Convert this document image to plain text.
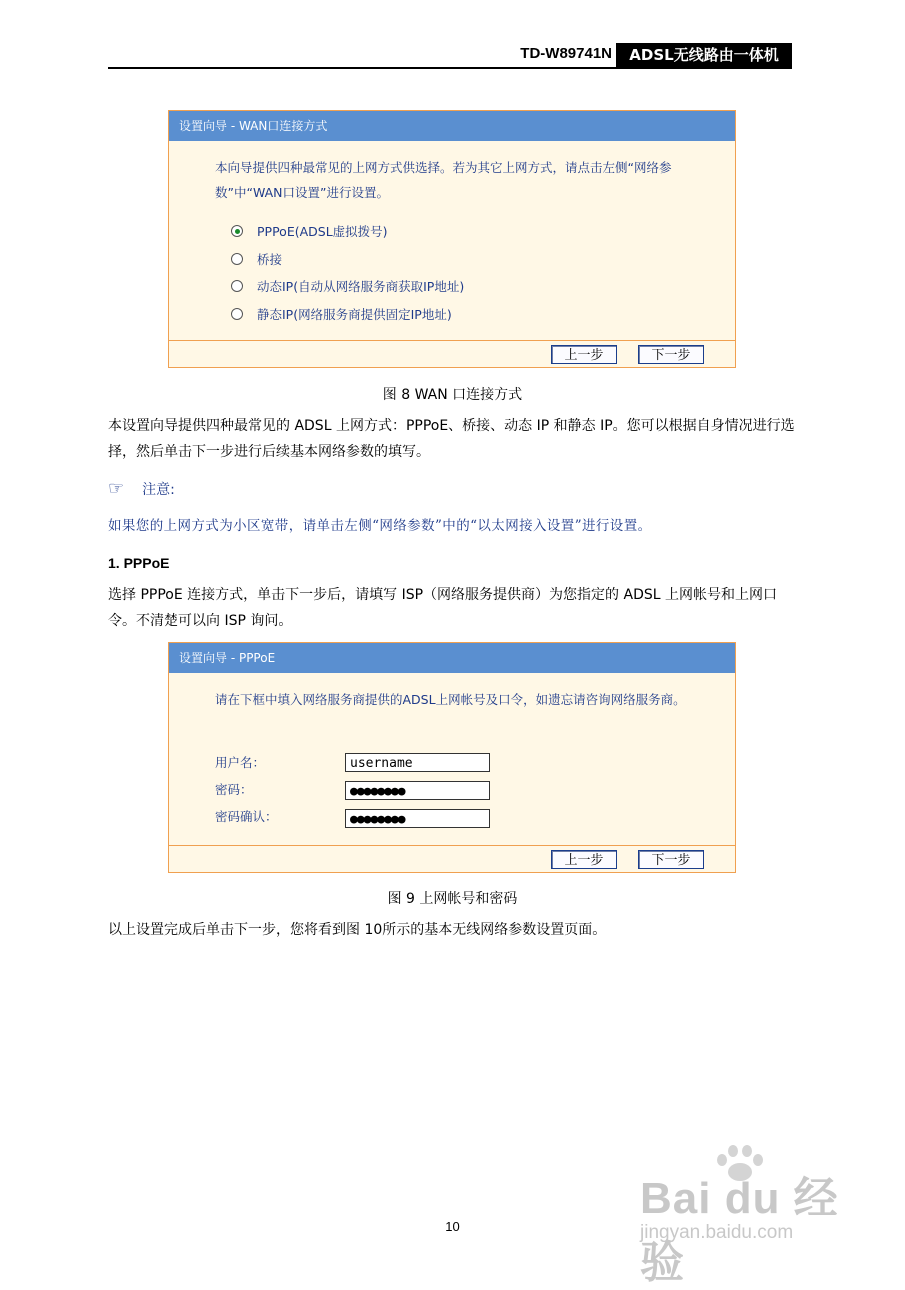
TD-W89741N	ADSL无线路由一体机
设置向导 - WAN口连接方式
本向导提供四种最常见的上网方式供选择。若为其它上网方式，请点击左侧“网络参数”中“WAN口设置”进行设置。
PPPoE(ADSL虚拟拨号)
桥接
动态IP(自动从网络服务商获取IP地址)
静态IP(网络服务商提供固定IP地址)
上一步	下一步
图 8 WAN 口连接方式
本设置向导提供四种最常见的 ADSL 上网方式：PPPoE、桥接、动态 IP 和静态 IP。您可以根据自身情况进行选择，然后单击下一步进行后续基本网络参数的填写。
☞ 注意:
如果您的上网方式为小区宽带，请单击左侧“网络参数”中的“以太网接入设置”进行设置。
1. PPPoE
选择 PPPoE 连接方式，单击下一步后，请填写 ISP（网络服务提供商）为您指定的 ADSL 上网帐号和上网口令。不清楚可以向 ISP 询问。
设置向导 - PPPoE
请在下框中填入网络服务商提供的ADSL上网帐号及口令，如遗忘请咨询网络服务商。
用户名：	username
密码：	●●●●●●●●
密码确认：	●●●●●●●●
上一步	下一步
图 9 上网帐号和密码
以上设置完成后单击下一步，您将看到图 10所示的基本无线网络参数设置页面。
Bai du 经验
jingyan.baidu.com
10
